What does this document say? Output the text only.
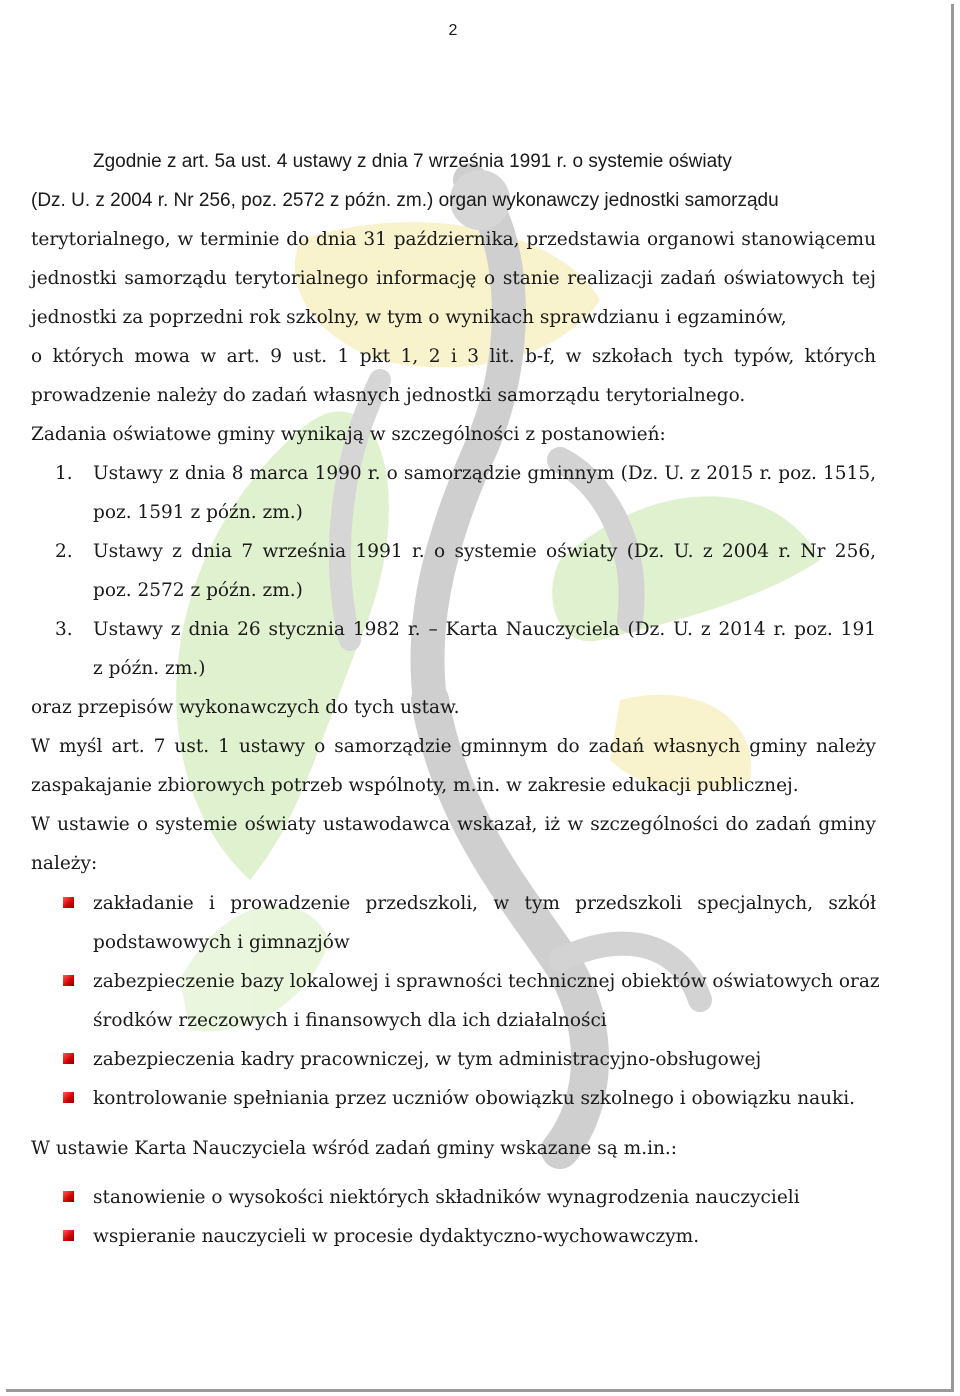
2
Zgodnie z art. 5a ust. 4 ustawy z dnia 7 września 1991 r. o systemie oświaty
(Dz. U. z 2004 r. Nr 256, poz. 2572 z późn. zm.) organ wykonawczy jednostki samorządu
terytorialnego, w terminie do dnia 31 października, przedstawia organowi stanowiącemu
jednostki samorządu terytorialnego informację o stanie realizacji zadań oświatowych tej
jednostki za poprzedni rok szkolny, w tym o wynikach sprawdzianu i egzaminów,
o których mowa w art. 9 ust. 1 pkt 1, 2 i 3 lit. b-f, w szkołach tych typów, których
prowadzenie należy do zadań własnych jednostki samorządu terytorialnego.
Zadania oświatowe gminy wynikają w szczególności z postanowień:
1.	Ustawy z dnia 8 marca 1990 r. o samorządzie gminnym (Dz. U. z 2015 r. poz. 1515,
poz. 1591 z późn. zm.)
2.	Ustawy z dnia 7 września 1991 r. o systemie oświaty (Dz. U. z 2004 r. Nr 256,
poz. 2572 z późn. zm.)
3.	Ustawy z dnia 26 stycznia 1982 r. – Karta Nauczyciela (Dz. U. z 2014 r. poz. 191
z późn. zm.)
oraz przepisów wykonawczych do tych ustaw.
W myśl art. 7 ust. 1 ustawy o samorządzie gminnym do zadań własnych gminy należy
zaspakajanie zbiorowych potrzeb wspólnoty, m.in. w zakresie edukacji publicznej.
W ustawie o systemie oświaty ustawodawca wskazał, iż w szczególności do zadań gminy
należy:
zakładanie i prowadzenie przedszkoli, w tym przedszkoli specjalnych, szkół
podstawowych i gimnazjów
zabezpieczenie bazy lokalowej i sprawności technicznej obiektów oświatowych oraz
środków rzeczowych i finansowych dla ich działalności
zabezpieczenia kadry pracowniczej, w tym administracyjno-obsługowej
kontrolowanie spełniania przez uczniów obowiązku szkolnego i obowiązku nauki.
W ustawie Karta Nauczyciela wśród zadań gminy wskazane są m.in.:
stanowienie o wysokości niektórych składników wynagrodzenia nauczycieli
wspieranie nauczycieli w procesie dydaktyczno-wychowawczym.
